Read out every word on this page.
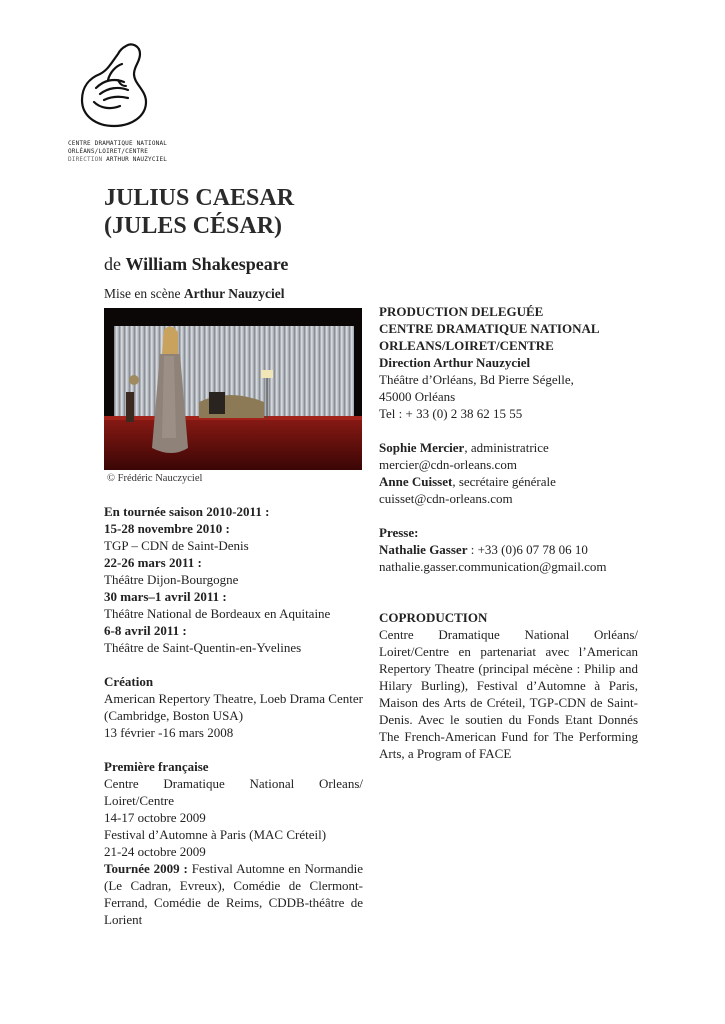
CENTRE DRAMATIQUE NATIONAL
ORLÉANS/LOIRET/CENTRE
DIRECTION ARTHUR NAUZYCIEL
JULIUS CAESAR
(JULES CÉSAR)
de William Shakespeare
Mise en scène Arthur Nauzyciel
© Frédéric Nauczyciel

En tournée saison 2010-2011 :

15-28 novembre 2010 :

TGP – CDN de Saint-Denis

22-26 mars 2011 :

Théâtre Dijon-Bourgogne

30 mars–1 avril 2011 :

Théâtre National de Bordeaux en Aquitaine

6-8 avril 2011 :

Théâtre de Saint-Quentin-en-Yvelines

Création

American Repertory Theatre, Loeb Drama Center (Cambridge, Boston USA)

13 février -16 mars 2008

Première française

Centre Dramatique National Orleans/ Loiret/Centre

14-17 octobre 2009

Festival d’Automne à Paris (MAC Créteil)

21-24 octobre 2009

Tournée 2009 : Festival Automne en Normandie (Le Cadran, Evreux), Comédie de Clermont-Ferrand, Comédie de Reims, CDDB-théâtre de Lorient

PRODUCTION DELEGUÉE

CENTRE DRAMATIQUE NATIONAL ORLEANS/LOIRET/CENTRE

Direction Arthur Nauzyciel

Théâtre d’Orléans, Bd Pierre Ségelle,

45000 Orléans

Tel : + 33 (0) 2 38 62 15 55

Sophie Mercier, administratrice

mercier@cdn-orleans.com

Anne Cuisset, secrétaire générale

cuisset@cdn-orleans.com

Presse:

Nathalie Gasser : +33 (0)6 07 78 06 10

nathalie.gasser.communication@gmail.com

COPRODUCTION

Centre Dramatique National Orléans/ Loiret/Centre en partenariat avec l’American Repertory Theatre (principal mécène : Philip and Hilary Burling), Festival d’Automne à Paris, Maison des Arts de Créteil, TGP-CDN de Saint-Denis. Avec le soutien du Fonds Etant Donnés The French-American Fund for The Performing Arts, a Program of FACE
